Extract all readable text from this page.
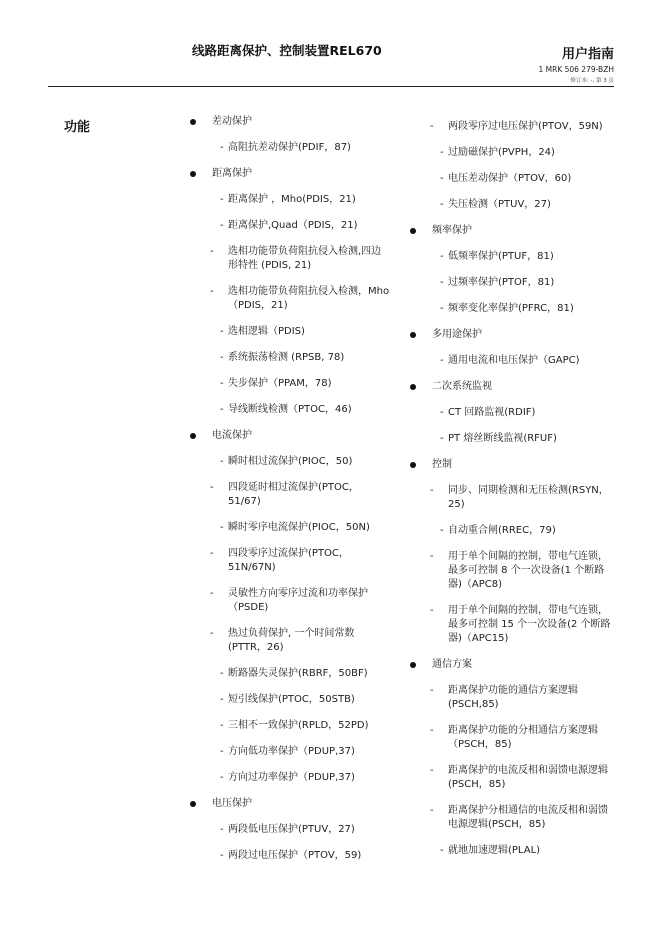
线路距离保护、控制装置REL670	用户指南
1 MRK 506 279-BZH
修订本: -, 第 3 页
功能	差动保护
- 高阻抗差动保护(PDIF，87)
距离保护
- 距离保护 ，Mho(PDIS，21)
- 距离保护,Quad（PDIS，21)
- 选相功能带负荷阻抗侵入检测,四边形特性 (PDIS, 21)
- 选相功能带负荷阻抗侵入检测，Mho（PDIS，21)
- 选相逻辑（PDIS)
- 系统振荡检测 (RPSB, 78)
- 失步保护（PPAM，78)
- 导线断线检测（PTOC，46)
电流保护
- 瞬时相过流保护(PIOC，50)
- 四段延时相过流保护(PTOC，51/67)
- 瞬时零序电流保护(PIOC，50N)
- 四段零序过流保护(PTOC，51N/67N)
- 灵敏性方向零序过流和功率保护（PSDE)
- 热过负荷保护, 一个时间常数(PTTR，26)
- 断路器失灵保护(RBRF，50BF)
- 短引线保护(PTOC，50STB)
- 三相不一致保护(RPLD，52PD)
- 方向低功率保护（PDUP,37)
- 方向过功率保护（PDUP,37)
电压保护
- 两段低电压保护(PTUV，27)
- 两段过电压保护（PTOV，59)
- 两段零序过电压保护(PTOV，59N)
- 过励磁保护(PVPH，24)
- 电压差动保护（PTOV，60)
- 失压检测（PTUV，27)
频率保护
- 低频率保护(PTUF，81)
- 过频率保护(PTOF，81)
- 频率变化率保护(PFRC，81)
多用途保护
- 通用电流和电压保护（GAPC)
二次系统监视
- CT 回路监视(RDIF)
- PT 熔丝断线监视(RFUF)
控制
- 同步、同期检测和无压检测(RSYN，25)
- 自动重合闸(RREC，79)
- 用于单个间隔的控制，带电气连锁，最多可控制 8 个一次设备(1 个断路器)（APC8)
- 用于单个间隔的控制，带电气连锁，最多可控制 15 个一次设备(2 个断路器)（APC15)
通信方案
- 距离保护功能的通信方案逻辑(PSCH,85)
- 距离保护功能的分相通信方案逻辑（PSCH，85)
- 距离保护的电流反相和弱馈电源逻辑(PSCH，85)
- 距离保护分相通信的电流反相和弱馈电源逻辑(PSCH，85)
- 就地加速逻辑(PLAL)
